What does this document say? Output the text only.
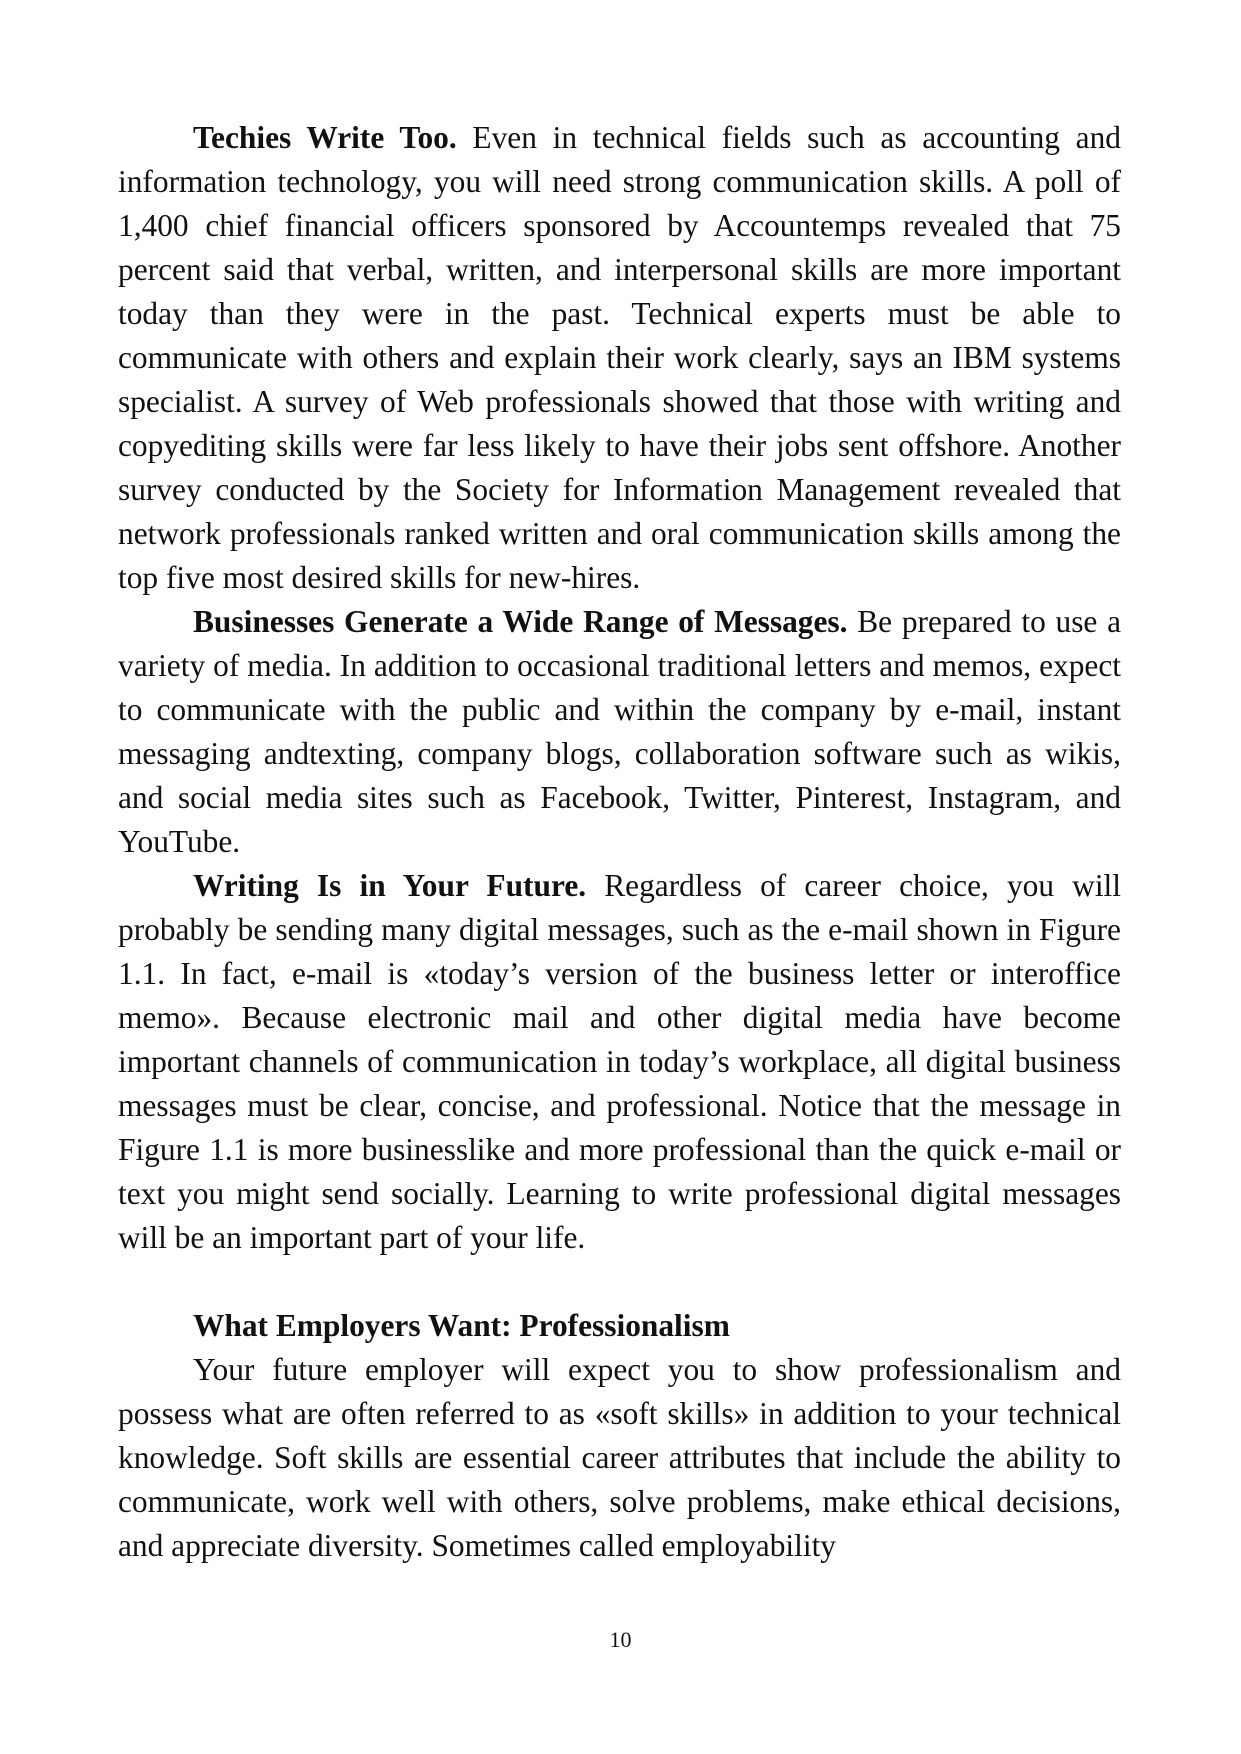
Techies Write Too. Even in technical fields such as accounting and information technology, you will need strong communication skills. A poll of 1,400 chief financial officers sponsored by Accountemps revealed that 75 percent said that verbal, written, and interpersonal skills are more important today than they were in the past. Technical experts must be able to communicate with others and explain their work clearly, says an IBM systems specialist. A survey of Web professionals showed that those with writing and copyediting skills were far less likely to have their jobs sent offshore. Another survey conducted by the Society for Information Management revealed that network professionals ranked written and oral communication skills among the top five most desired skills for new-hires.

Businesses Generate a Wide Range of Messages. Be prepared to use a variety of media. In addition to occasional traditional letters and memos, expect to communicate with the public and within the company by e-mail, instant messaging andtexting, company blogs, collaboration software such as wikis, and social media sites such as Facebook, Twitter, Pinterest, Instagram, and YouTube.

Writing Is in Your Future. Regardless of career choice, you will probably be sending many digital messages, such as the e-mail shown in Figure 1.1. In fact, e-mail is «today’s version of the business letter or interoffice memo». Because electronic mail and other digital media have become important channels of communication in today’s workplace, all digital business messages must be clear, concise, and professional. Notice that the message in Figure 1.1 is more businesslike and more professional than the quick e-mail or text you might send socially. Learning to write professional digital messages will be an important part of your life.

What Employers Want: Professionalism

Your future employer will expect you to show professionalism and possess what are often referred to as «soft skills» in addition to your technical knowledge. Soft skills are essential career attributes that include the ability to communicate, work well with others, solve problems, make ethical decisions, and appreciate diversity. Sometimes called employability

10
